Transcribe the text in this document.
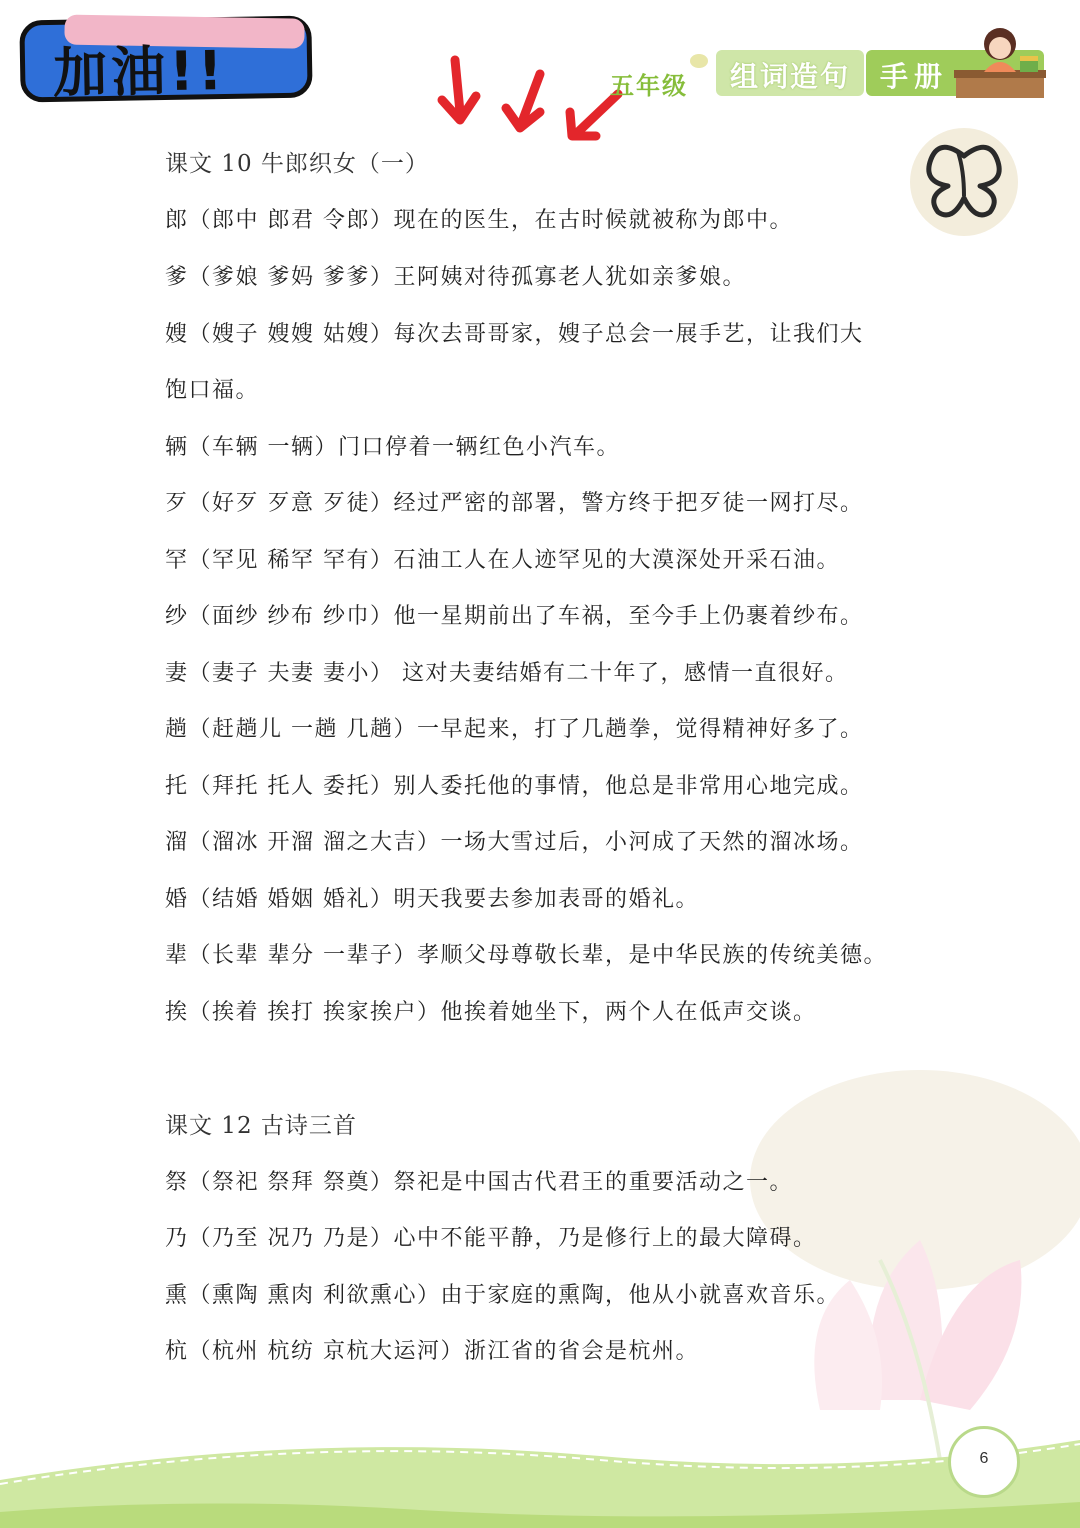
加油!!	五年级 组词造句 手册
6
课文 10 牛郎织女（一）
郎（郎中 郎君 令郎）现在的医生，在古时候就被称为郎中。
爹（爹娘 爹妈 爹爹）王阿姨对待孤寡老人犹如亲爹娘。
嫂（嫂子 嫂嫂 姑嫂）每次去哥哥家，嫂子总会一展手艺，让我们大
饱口福。
辆（车辆 一辆）门口停着一辆红色小汽车。
歹（好歹 歹意 歹徒）经过严密的部署，警方终于把歹徒一网打尽。
罕（罕见 稀罕 罕有）石油工人在人迹罕见的大漠深处开采石油。
纱（面纱 纱布 纱巾）他一星期前出了车祸，至今手上仍裹着纱布。
妻（妻子 夫妻 妻小） 这对夫妻结婚有二十年了，感情一直很好。
趟（赶趟儿 一趟 几趟）一早起来，打了几趟拳，觉得精神好多了。
托（拜托 托人 委托）别人委托他的事情，他总是非常用心地完成。
溜（溜冰 开溜 溜之大吉）一场大雪过后，小河成了天然的溜冰场。
婚（结婚 婚姻 婚礼）明天我要去参加表哥的婚礼。
辈（长辈 辈分 一辈子）孝顺父母尊敬长辈，是中华民族的传统美德。
挨（挨着 挨打 挨家挨户）他挨着她坐下，两个人在低声交谈。
课文 12 古诗三首
祭（祭祀 祭拜 祭奠）祭祀是中国古代君王的重要活动之一。
乃（乃至 况乃 乃是）心中不能平静，乃是修行上的最大障碍。
熏（熏陶 熏肉 利欲熏心）由于家庭的熏陶，他从小就喜欢音乐。
杭（杭州 杭纺 京杭大运河）浙江省的省会是杭州。
